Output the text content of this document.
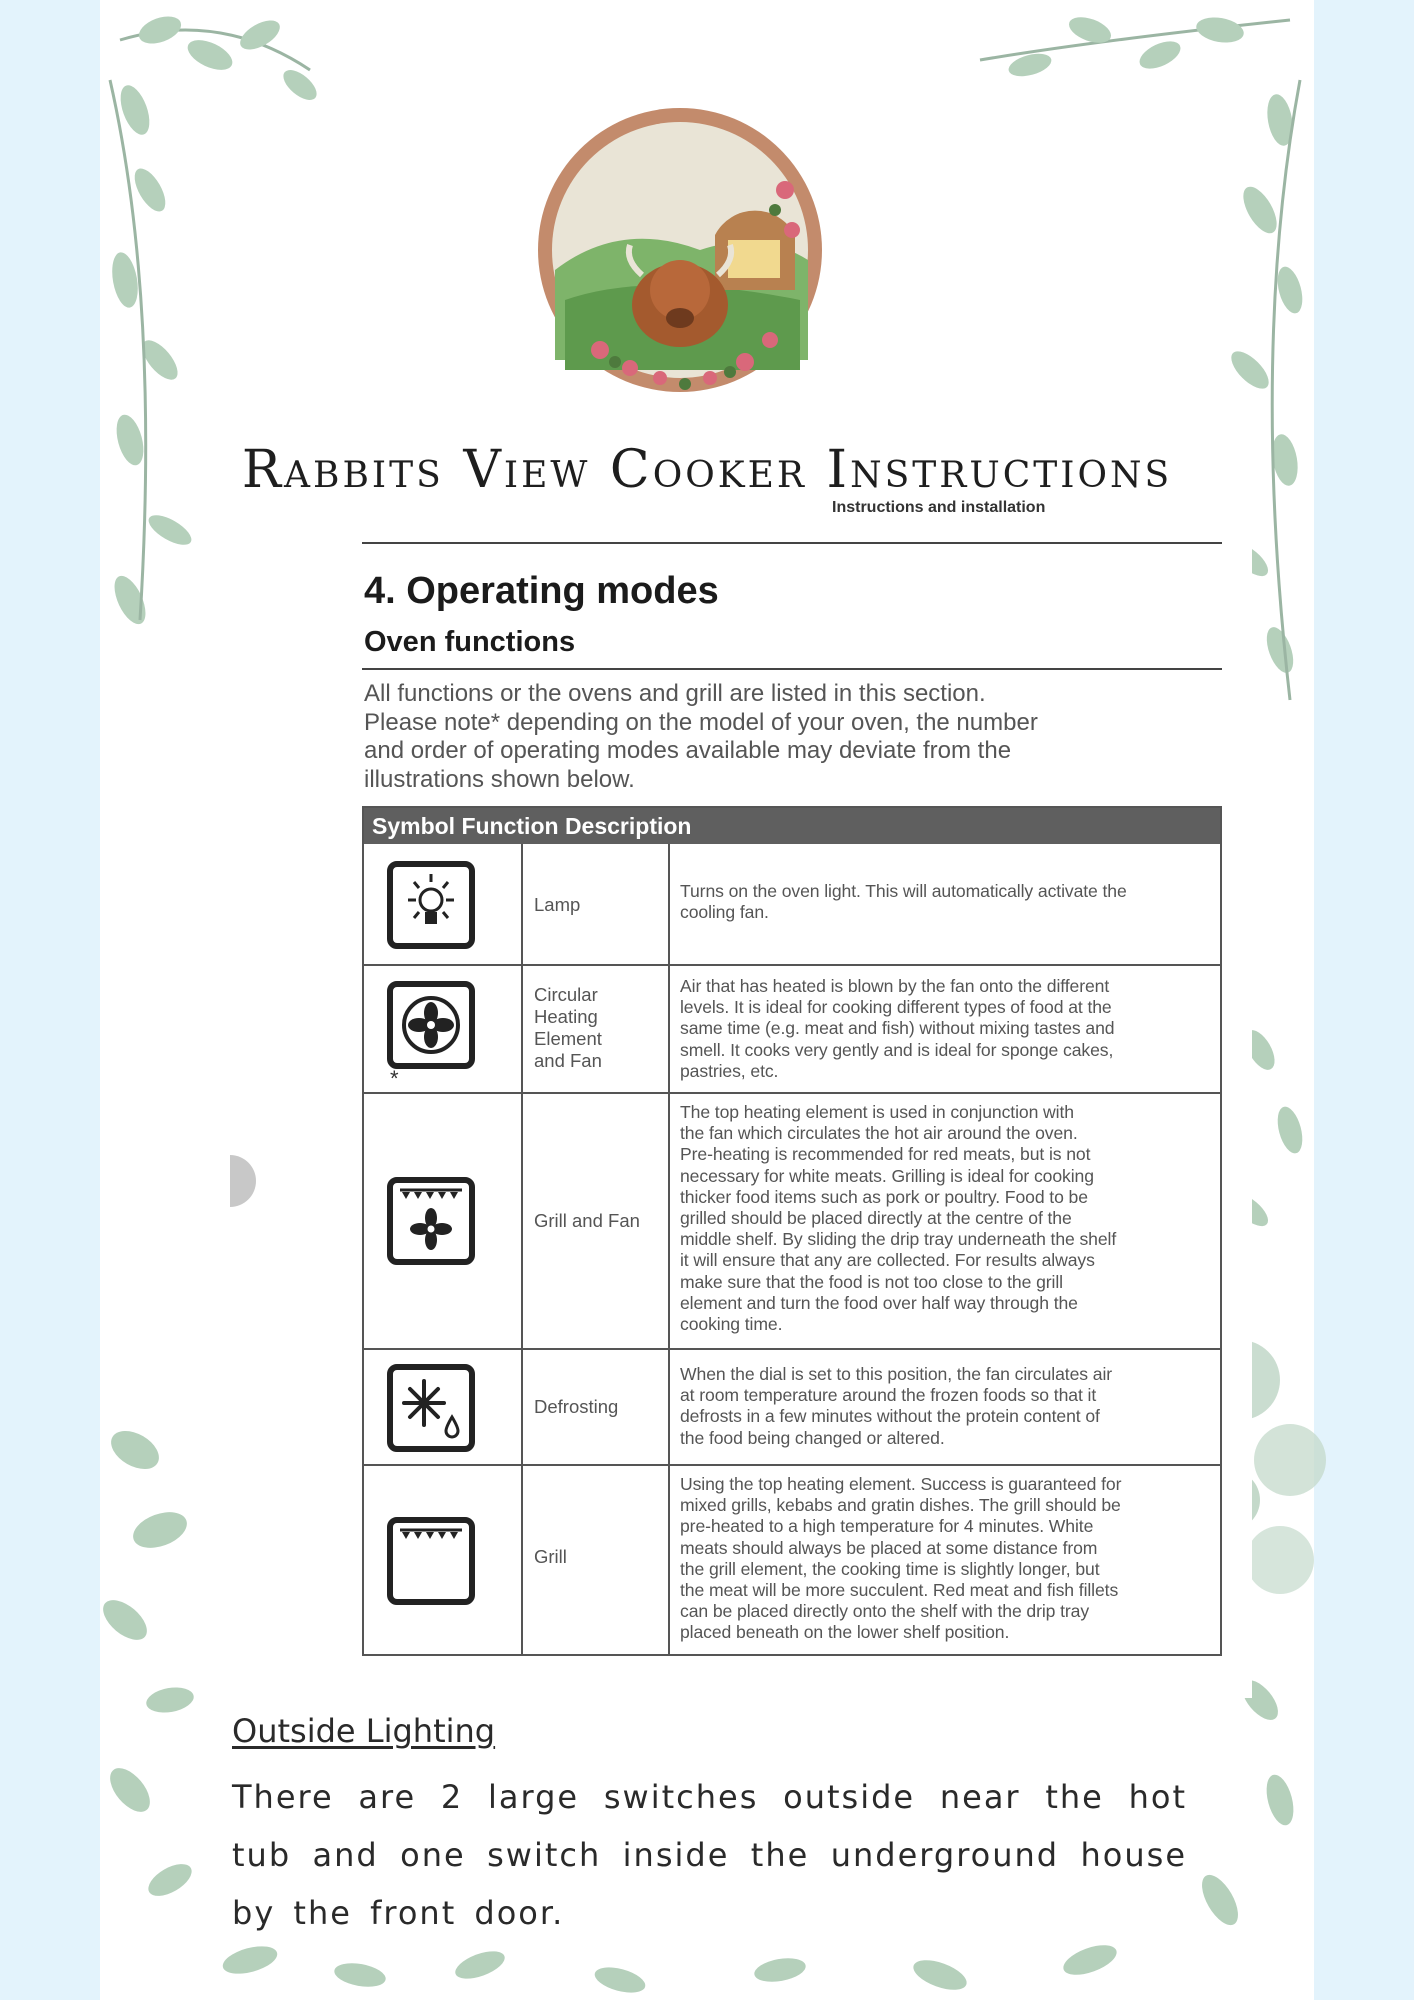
Rabbits View Cooker Instructions
Instructions and installation
4. Operating modes
Oven functions

All functions or the ovens and grill are listed in this section.

Please note* depending on the model of your oven, the number

and order of operating modes available may deviate from the

illustrations shown below.

Symbol Function Description
Lamp
Turns on the oven light. This will automatically activate the
cooling fan.
*
Circular
Heating
Element
and Fan
Air that has heated is blown by the fan onto the different
levels. It is ideal for cooking different types of food at the
same time (e.g. meat and fish) without mixing tastes and
smell. It cooks very gently and is ideal for sponge cakes,
pastries, etc.
Grill and Fan
The top heating element is used in conjunction with
the fan which circulates the hot air around the oven.
Pre-heating is recommended for red meats, but is not
necessary for white meats. Grilling is ideal for cooking
thicker food items such as pork or poultry. Food to be
grilled should be placed directly at the centre of the
middle shelf. By sliding the drip tray underneath the shelf
it will ensure that any are collected. For results always
make sure that the food is not too close to the grill
element and turn the food over half way through the
cooking time.
Defrosting
When the dial is set to this position, the fan circulates air
at room temperature around the frozen foods so that it
defrosts in a few minutes without the protein content of
the food being changed or altered.
Grill
Using the top heating element. Success is guaranteed for
mixed grills, kebabs and gratin dishes. The grill should be
pre-heated to a high temperature for 4 minutes. White
meats should always be placed at some distance from
the grill element, the cooking time is slightly longer, but
the meat will be more succulent. Red meat and fish fillets
can be placed directly onto the shelf with the drip tray
placed beneath on the lower shelf position.
Outside Lighting
There are 2 large switches outside near the hot tub and one switch inside the underground house by the front door.
